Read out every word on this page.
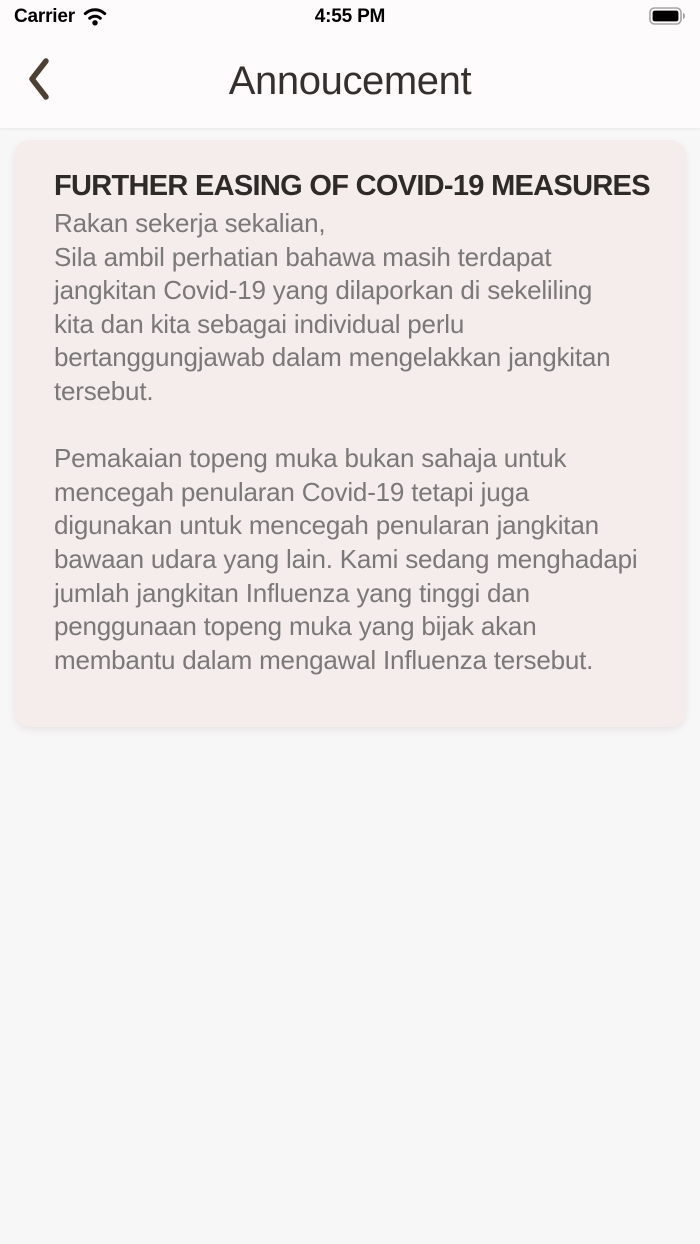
Carrier	4:55 PM
Annoucement
FURTHER EASING OF COVID-19 MEASURES
Rakan sekerja sekalian,
Sila ambil perhatian bahawa masih terdapat
jangkitan Covid-19 yang dilaporkan di sekeliling
kita dan kita sebagai individual perlu
bertanggungjawab dalam mengelakkan jangkitan
tersebut.

Pemakaian topeng muka bukan sahaja untuk
mencegah penularan Covid-19 tetapi juga
digunakan untuk mencegah penularan jangkitan
bawaan udara yang lain. Kami sedang menghadapi
jumlah jangkitan Influenza yang tinggi dan
penggunaan topeng muka yang bijak akan
membantu dalam mengawal Influenza tersebut.
